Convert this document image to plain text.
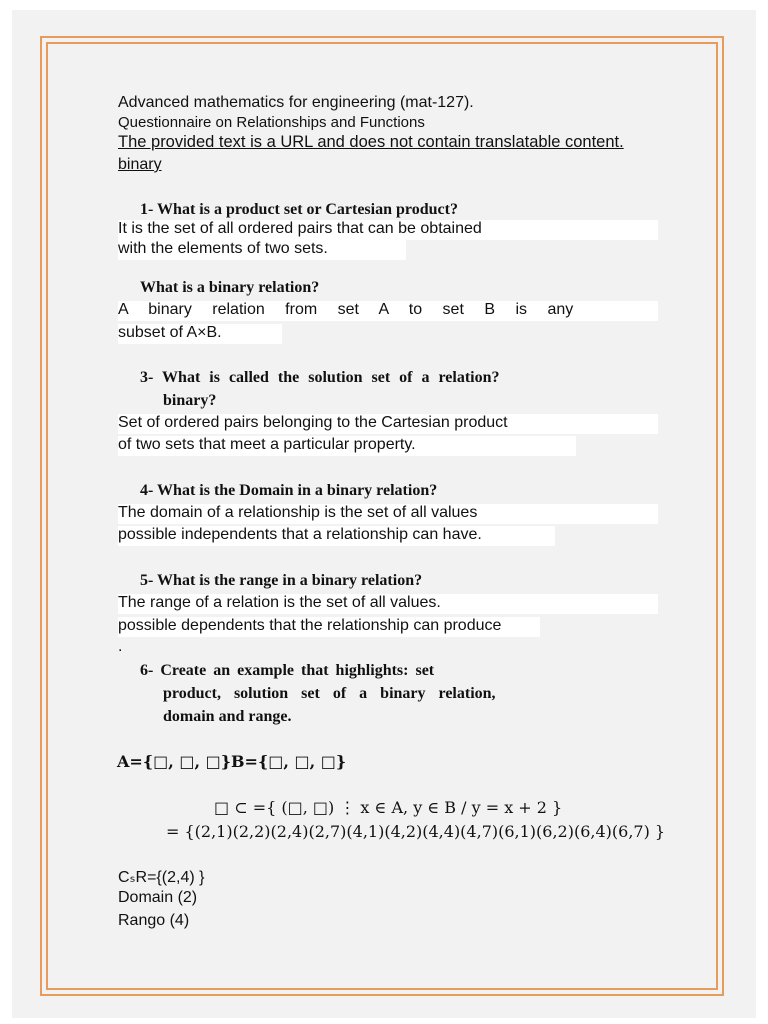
Advanced mathematics for engineering (mat-127).
Questionnaire on Relationships and Functions
The provided text is a URL and does not contain translatable content.
binary
1- What is a product set or Cartesian product?
It is the set of all ordered pairs that can be obtained
with the elements of two sets.
What is a binary relation?
A binary relation from set A to set B is any
subset of A×B.
3- What is called the solution set of a relation?
binary?
Set of ordered pairs belonging to the Cartesian product
of two sets that meet a particular property.
4- What is the Domain in a binary relation?
The domain of a relationship is the set of all values
possible independents that a relationship can have.
5- What is the range in a binary relation?
The range of a relation is the set of all values.
possible dependents that the relationship can produce
.
6- Create an example that highlights: set
product, solution set of a binary relation,
domain and range.
A={□, □, □}B={□, □, □}
□ ⊂ ={ (□, □) ⋮ x ∈ A, y ∈ B / y = x + 2 }
= {(2,1)(2,2)(2,4)(2,7)(4,1)(4,2)(4,4)(4,7)(6,1)(6,2)(6,4)(6,7) }
CₛR={(2,4) }
Domain (2)
Rango (4)
